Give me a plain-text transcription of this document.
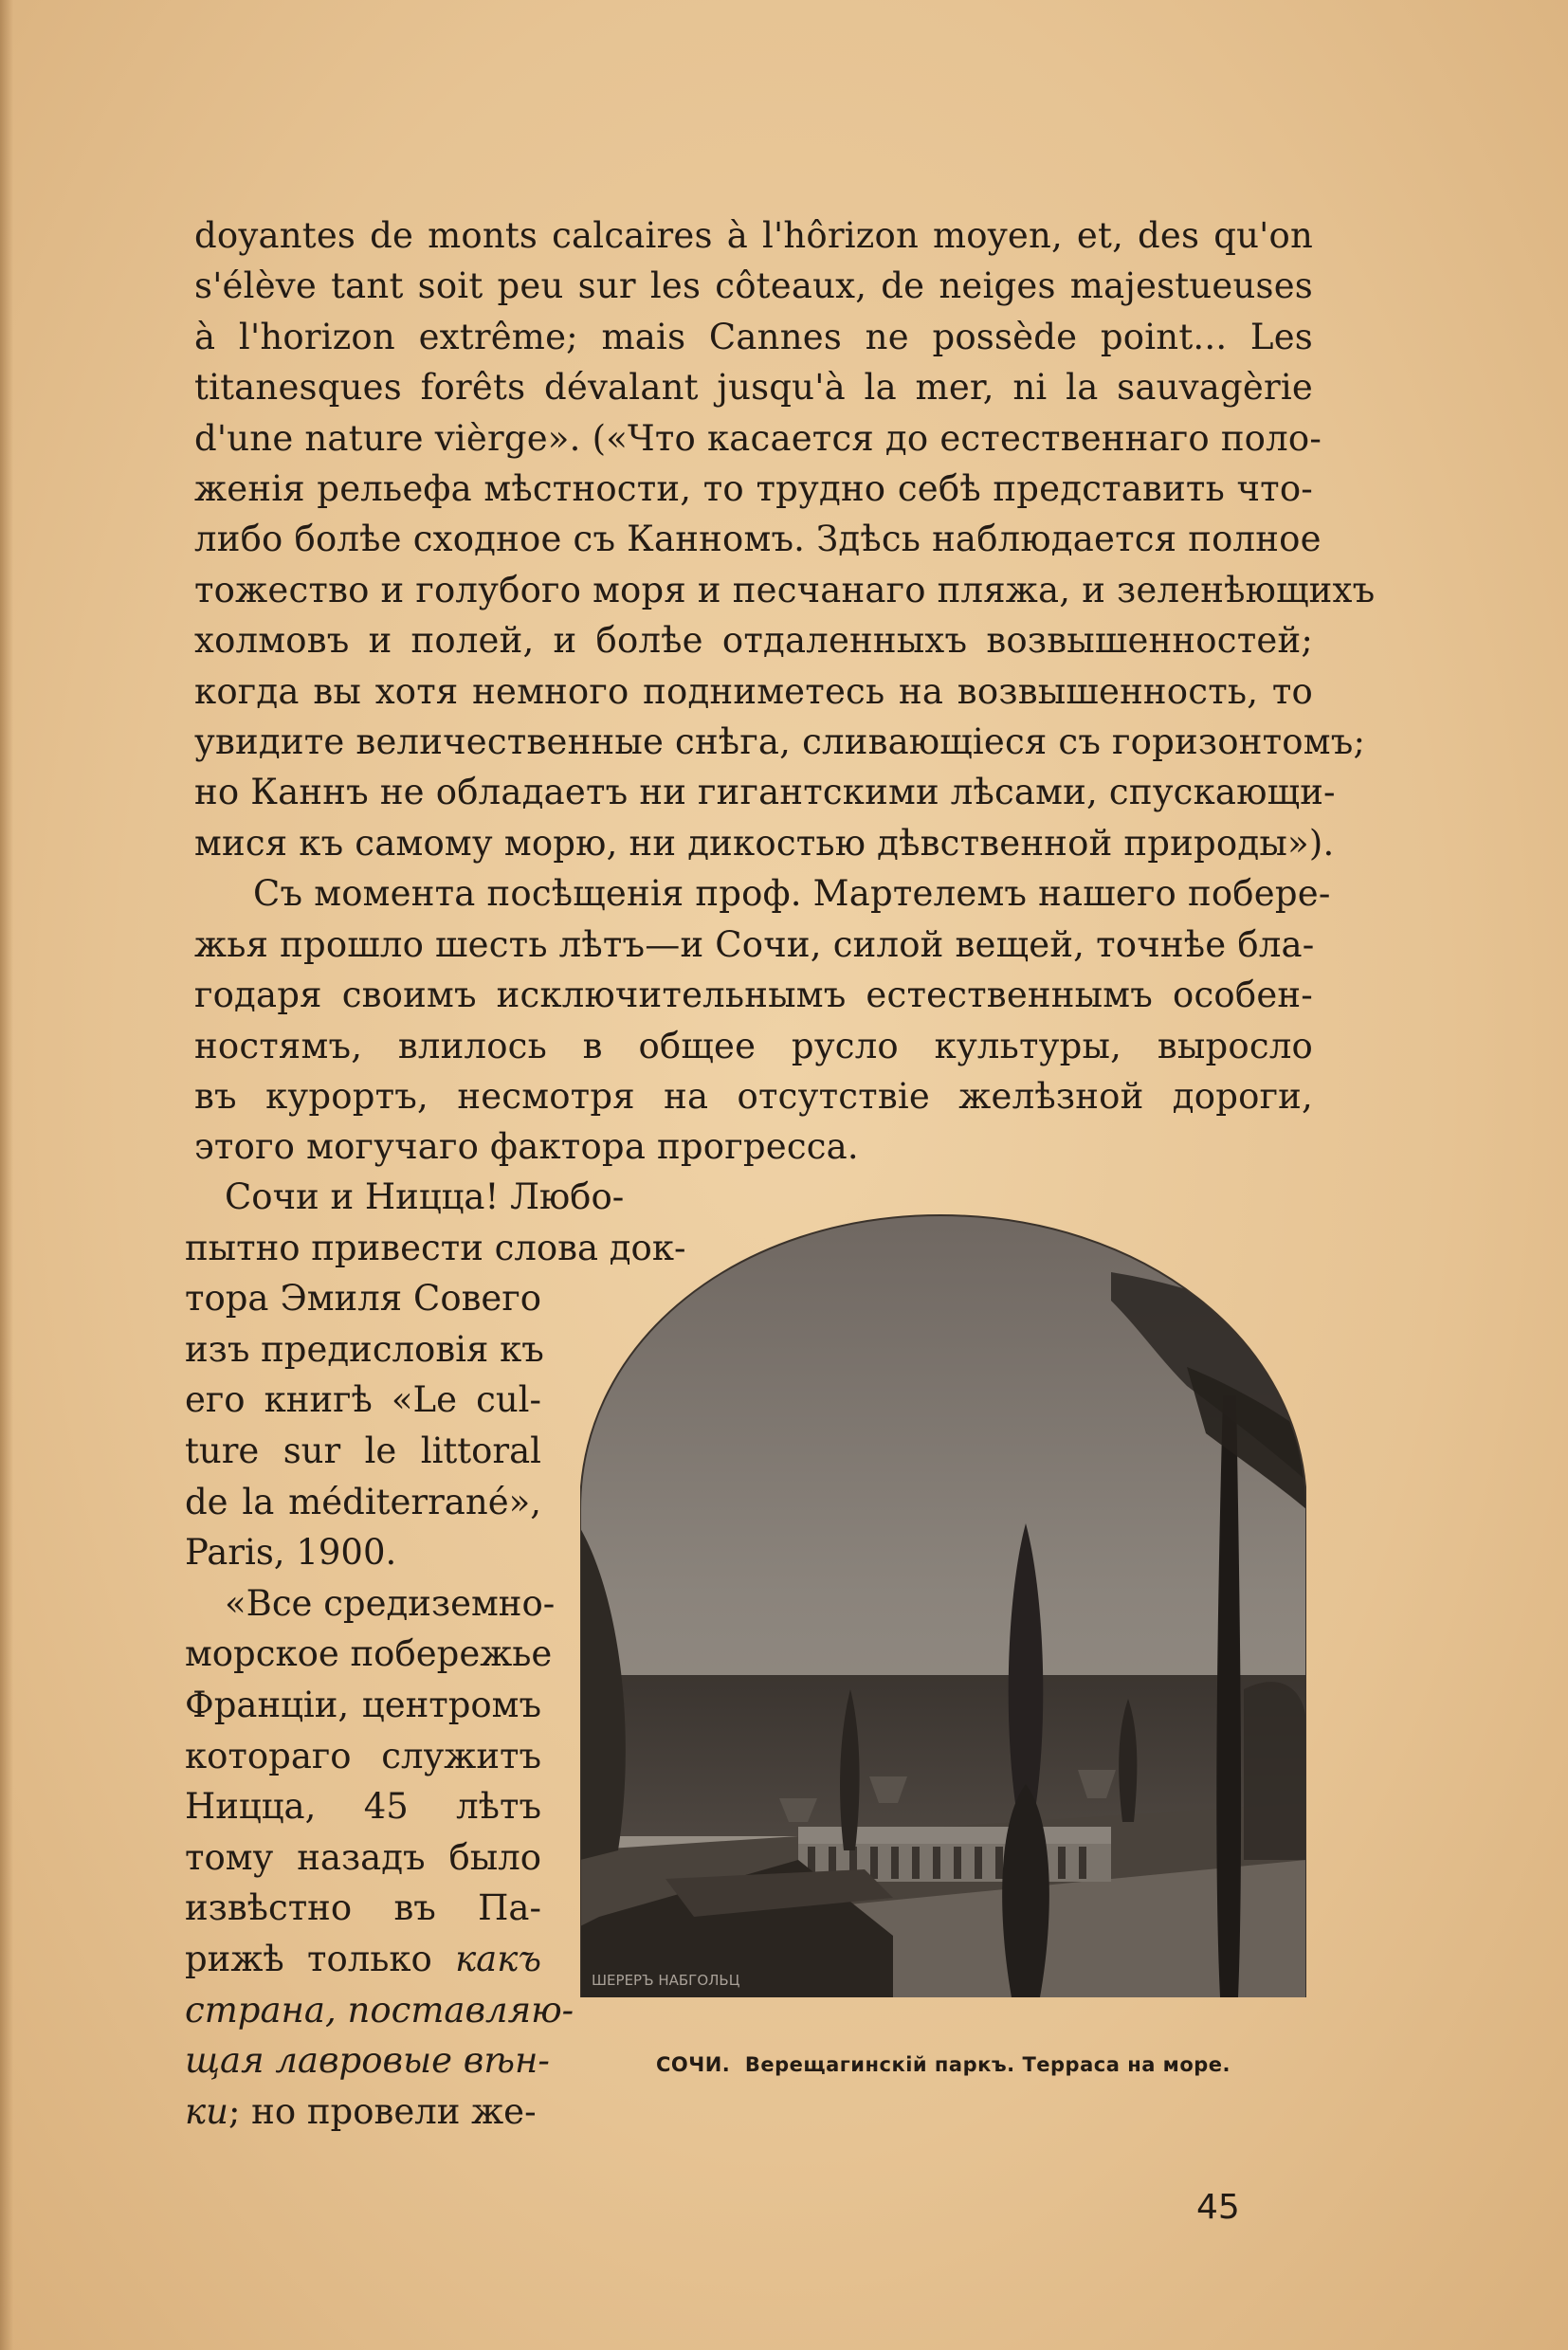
doyantes de monts calcaires à l'hôrizon moyen, et, des qu'on
s'élève tant soit peu sur les côteaux, de neiges majestueuses
à l'horizon extrême; mais Cannes ne possède point... Les
titanesques forêts dévalant jusqu'à la mer, ni la sauvagèrie
d'une nature vièrge». («Что касается до естественнаго поло-
женія рельефа мѣстности, то трудно себѣ представить что-
либо болѣе сходное съ Канномъ. Здѣсь наблюдается полное
тожество и голубого моря и песчанаго пляжа, и зеленѣющихъ
холмовъ и полей, и болѣе отдаленныхъ возвышенностей;
когда вы хотя немного подниметесь на возвышенность, то
увидите величественные снѣга, сливающіеся съ горизонтомъ;
но Каннъ не обладаетъ ни гигантскими лѣсами, спускающи-
мися къ самому морю, ни дикостью дѣвственной природы»).
Съ момента посѣщенія проф. Мартелемъ нашего побере-
жья прошло шесть лѣтъ—и Сочи, силой вещей, точнѣе бла-
годаря своимъ исключительнымъ естественнымъ особен-
ностямъ, влилось в общее русло культуры, выросло
въ курортъ, несмотря на отсутствіе желѣзной дороги,
этого могучаго фактора прогресса.
Сочи и Ницца! Любо-
пытно привести слова док-
тора Эмиля Совего
изъ предисловія къ
его книгѣ «Le cul-
ture sur le littoral
de la méditerrané»,
Paris, 1900.
«Все средиземно-
морское побережье
Франціи, центромъ
котораго служитъ
Ницца, 45 лѣтъ
тому назадъ было
извѣстно въ Па-
рижѣ только какъ
страна, поставляю-
щая лавровые вѣн-
ки; но провели же-
ШЕРЕРЪ НАБГОЛЬЦ
СОЧИ. Верещагинскій паркъ. Терраса на море.
45
